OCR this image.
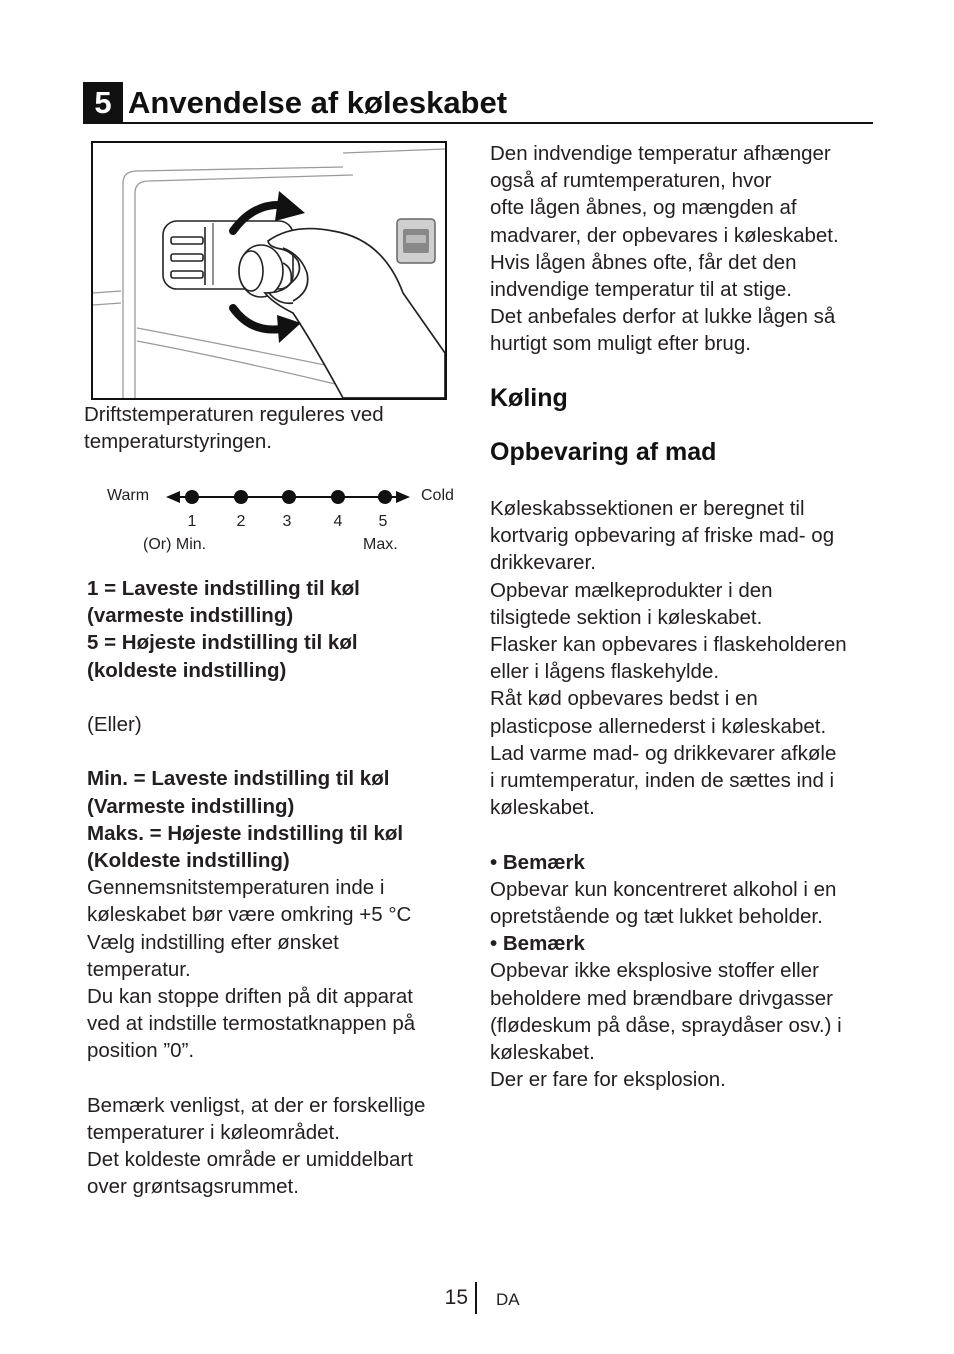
5 Anvendelse af køleskabet

Driftstemperaturen reguleres ved

temperaturstyringen.

Warm	Cold
1	2	3	4	5
(Or) Min.	Max.

1 = Laveste indstilling til køl

(varmeste indstilling)

5 = Højeste indstilling til køl

(koldeste indstilling)

(Eller)

Min. = Laveste indstilling til køl

(Varmeste indstilling)

Maks. = Højeste indstilling til køl

(Koldeste indstilling)

Gennemsnitstemperaturen inde i

køleskabet bør være omkring +5 °C

Vælg indstilling efter ønsket

temperatur.

Du kan stoppe driften på dit apparat

ved at indstille termostatknappen på

position ”0”.

Bemærk venligst, at der er forskellige

temperaturer i køleområdet.

Det koldeste område er umiddelbart

over grøntsagsrummet.

Den indvendige temperatur afhænger

også af rumtemperaturen, hvor

ofte lågen åbnes, og mængden af

madvarer, der opbevares i køleskabet.

Hvis lågen åbnes ofte, får det den

indvendige temperatur til at stige.

Det anbefales derfor at lukke lågen så

hurtigt som muligt efter brug.

Køling
Opbevaring af mad

Køleskabssektionen er beregnet til

kortvarig opbevaring af friske mad- og

drikkevarer.

Opbevar mælkeprodukter i den

tilsigtede sektion i køleskabet.

Flasker kan opbevares i flaskeholderen

eller i lågens flaskehylde.

Råt kød opbevares bedst i en

plasticpose allernederst i køleskabet.

Lad varme mad- og drikkevarer afkøle

i rumtemperatur, inden de sættes ind i

køleskabet.

• Bemærk

Opbevar kun koncentreret alkohol i en

opretstående og tæt lukket beholder.

• Bemærk

Opbevar ikke eksplosive stoffer eller

beholdere med brændbare drivgasser

(flødeskum på dåse, spraydåser osv.) i

køleskabet.

Der er fare for eksplosion.

15 DA
